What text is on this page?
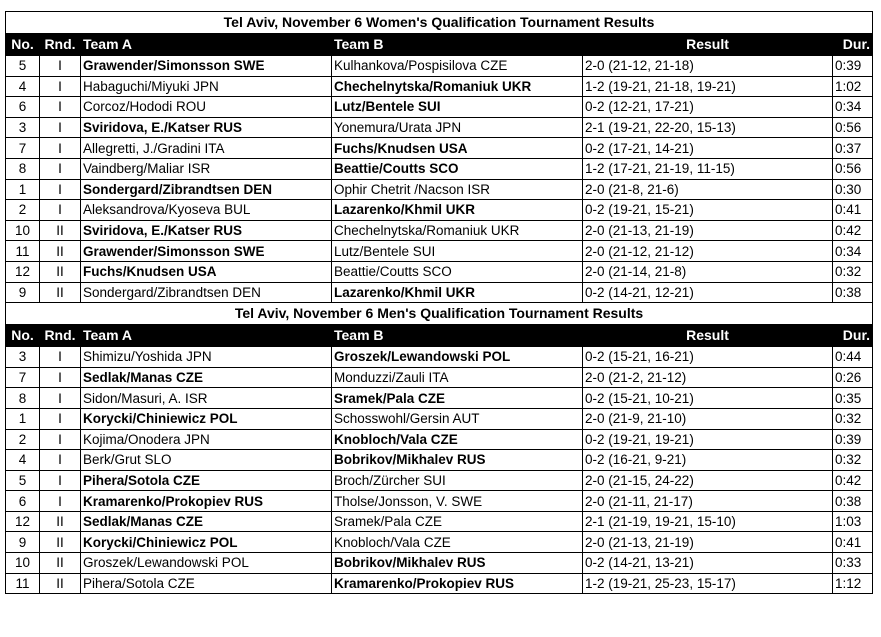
Tel Aviv, November 6 Women's Qualification Tournament Results					
No.	Rnd.	Team A	Team B	Result	Dur.
5	I	Grawender/Simonsson SWE	Kulhankova/Pospisilova CZE	2-0 (21-12, 21-18)	0:39
4	I	Habaguchi/Miyuki JPN	Chechelnytska/Romaniuk UKR	1-2 (19-21, 21-18, 19-21)	1:02
6	I	Corcoz/Hododi ROU	Lutz/Bentele SUI	0-2 (12-21, 17-21)	0:34
3	I	Sviridova, E./Katser RUS	Yonemura/Urata JPN	2-1 (19-21, 22-20, 15-13)	0:56
7	I	Allegretti, J./Gradini ITA	Fuchs/Knudsen USA	0-2 (17-21, 14-21)	0:37
8	I	Vaindberg/Maliar ISR	Beattie/Coutts SCO	1-2 (17-21, 21-19, 11-15)	0:56
1	I	Sondergard/Zibrandtsen DEN	Ophir Chetrit /Nacson ISR	2-0 (21-8, 21-6)	0:30
2	I	Aleksandrova/Kyoseva BUL	Lazarenko/Khmil UKR	0-2 (19-21, 15-21)	0:41
10	II	Sviridova, E./Katser RUS	Chechelnytska/Romaniuk UKR	2-0 (21-13, 21-19)	0:42
11	II	Grawender/Simonsson SWE	Lutz/Bentele SUI	2-0 (21-12, 21-12)	0:34
12	II	Fuchs/Knudsen USA	Beattie/Coutts SCO	2-0 (21-14, 21-8)	0:32
9	II	Sondergard/Zibrandtsen DEN	Lazarenko/Khmil UKR	0-2 (14-21, 12-21)	0:38
Tel Aviv, November 6 Men's Qualification Tournament Results					
No.	Rnd.	Team A	Team B	Result	Dur.
3	I	Shimizu/Yoshida JPN	Groszek/Lewandowski POL	0-2 (15-21, 16-21)	0:44
7	I	Sedlak/Manas CZE	Monduzzi/Zauli ITA	2-0 (21-2, 21-12)	0:26
8	I	Sidon/Masuri, A. ISR	Sramek/Pala CZE	0-2 (15-21, 10-21)	0:35
1	I	Korycki/Chiniewicz POL	Schosswohl/Gersin AUT	2-0 (21-9, 21-10)	0:32
2	I	Kojima/Onodera JPN	Knobloch/Vala CZE	0-2 (19-21, 19-21)	0:39
4	I	Berk/Grut SLO	Bobrikov/Mikhalev RUS	0-2 (16-21, 9-21)	0:32
5	I	Pihera/Sotola CZE	Broch/Zürcher SUI	2-0 (21-15, 24-22)	0:42
6	I	Kramarenko/Prokopiev RUS	Tholse/Jonsson, V. SWE	2-0 (21-11, 21-17)	0:38
12	II	Sedlak/Manas CZE	Sramek/Pala CZE	2-1 (21-19, 19-21, 15-10)	1:03
9	II	Korycki/Chiniewicz POL	Knobloch/Vala CZE	2-0 (21-13, 21-19)	0:41
10	II	Groszek/Lewandowski POL	Bobrikov/Mikhalev RUS	0-2 (14-21, 13-21)	0:33
11	II	Pihera/Sotola CZE	Kramarenko/Prokopiev RUS	1-2 (19-21, 25-23, 15-17)	1:12
